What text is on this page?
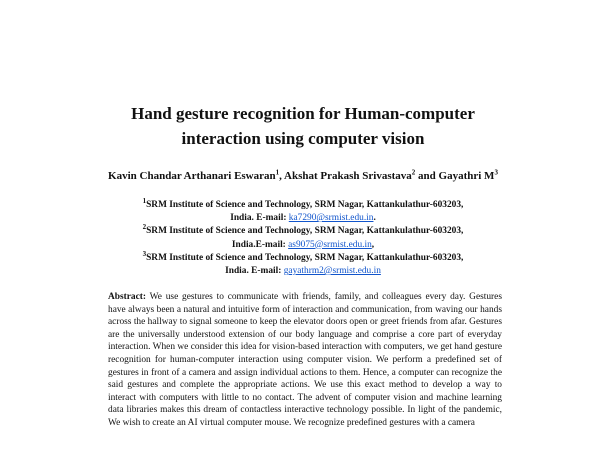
Hand gesture recognition for Human-computer
interaction using computer vision
Kavin Chandar Arthanari Eswaran$^1$, Akshat Prakash Srivastava$^2$ and Gayathri $M^3$
$^1$SRM Institute of Science and Technology, SRM Nagar, Kattankulathur-603203,
India. E-mail: ka7290@srmist.edu.in.
$^2$SRM Institute of Science and Technology, SRM Nagar, Kattankulathur-603203,
India.E-mail: as9075@srmist.edu.in,
$^3$SRM Institute of Science and Technology, SRM Nagar, Kattankulathur-603203,
India. E-mail: gayathrm2@srmist.edu.in
Abstract: We use gestures to communicate with friends, family, and colleagues every day. Gestures have always been a natural and intuitive form of interaction and communication, from waving our hands across the hallway to signal someone to keep the elevator doors open or greet friends from afar. Gestures are the universally understood extension of our body language and comprise a core part of everyday interaction. When we consider this idea for vision-based interaction with computers, we get hand gesture recognition for human-computer interaction using computer vision. We perform a predefined set of gestures in front of a camera and assign individual actions to them. Hence, a computer can recognize the said gestures and complete the appropriate actions. We use this exact method to develop a way to interact with computers with little to no contact. The advent of computer vision and machine learning data libraries makes this dream of contactless interactive technology possible. In light of the pandemic, We wish to create an AI virtual computer mouse. We recognize predefined gestures with a camera
